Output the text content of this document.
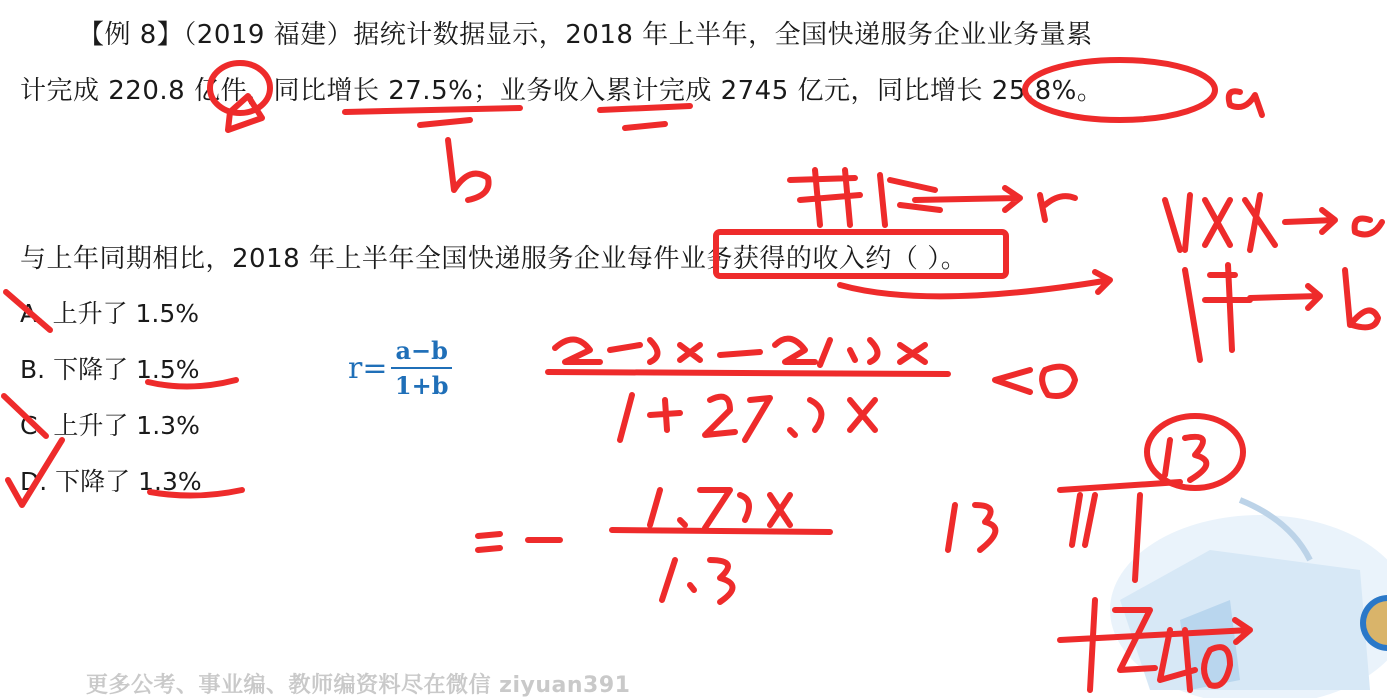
【例 8】（2019 福建）据统计数据显示，2018 年上半年，全国快递服务企业业务量累
计完成 220.8 亿件，同比增长 27.5%；业务收入累计完成 2745 亿元，同比增长 25.8%。
与上年同期相比，2018 年上半年全国快递服务企业每件业务获得的收入约（ ）。
A. 上升了 1.5%
B. 下降了 1.5%
C. 上升了 1.3%
D. 下降了 1.3%
$r= \frac{a-b}{1+b}$
更多公考、事业编、教师编资料尽在微信 ziyuan391
